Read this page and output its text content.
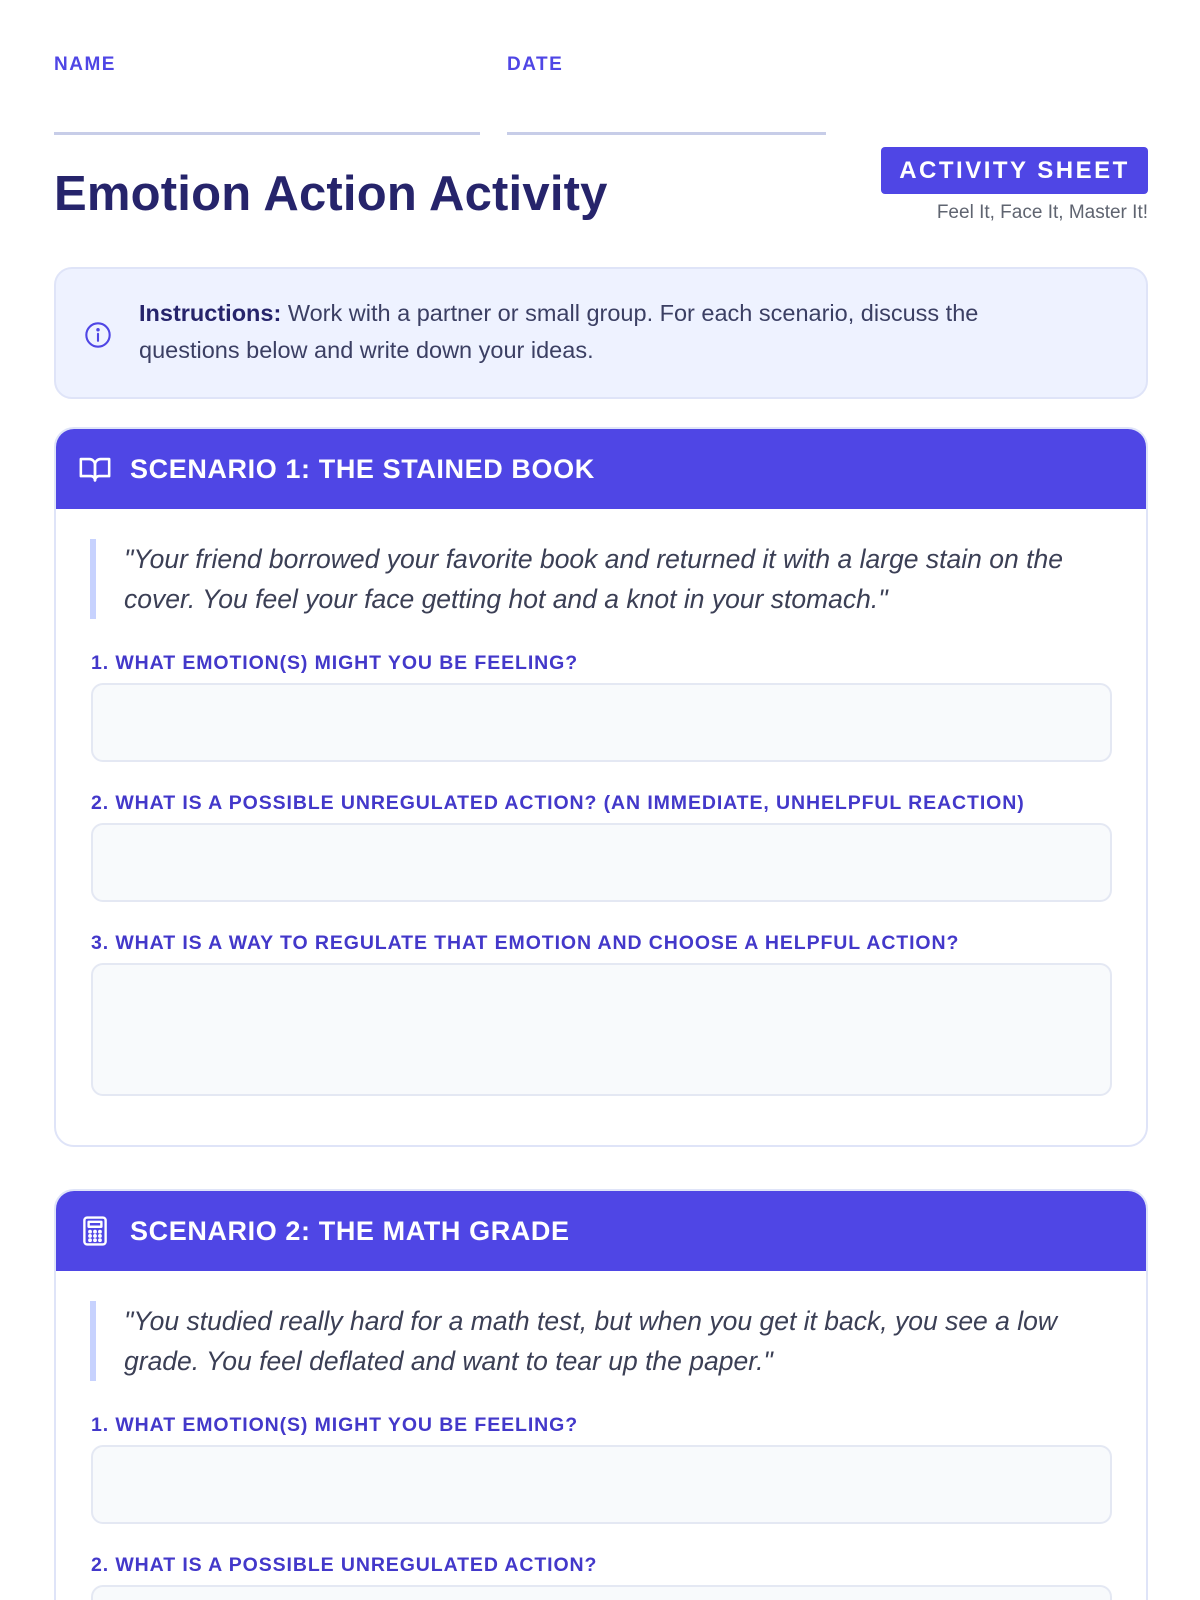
NAME	DATE
Emotion Action Activity	ACTIVITY SHEET
Feel It, Face It, Master It!

Instructions: Work with a partner or small group. For each scenario, discuss the questions below and write down your ideas.

SCENARIO 1: THE STAINED BOOK
"Your friend borrowed your favorite book and returned it with a large stain on the cover. You feel your face getting hot and a knot in your stomach."
1. WHAT EMOTION(S) MIGHT YOU BE FEELING?
2. WHAT IS A POSSIBLE UNREGULATED ACTION? (AN IMMEDIATE, UNHELPFUL REACTION)
3. WHAT IS A WAY TO REGULATE THAT EMOTION AND CHOOSE A HELPFUL ACTION?
SCENARIO 2: THE MATH GRADE
"You studied really hard for a math test, but when you get it back, you see a low grade. You feel deflated and want to tear up the paper."
1. WHAT EMOTION(S) MIGHT YOU BE FEELING?
2. WHAT IS A POSSIBLE UNREGULATED ACTION?
